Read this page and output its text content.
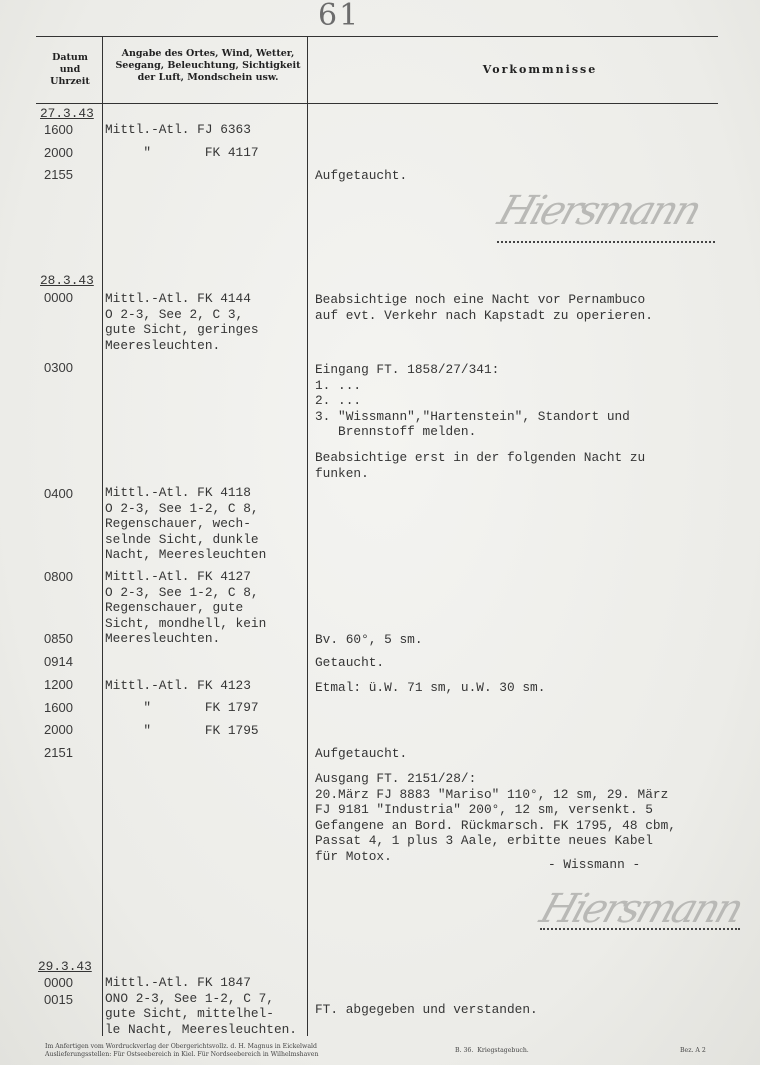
61
Datum
und
Uhrzeit
Angabe des Ortes, Wind, Wetter,
Seegang, Beleuchtung, Sichtigkeit
der Luft, Mondschein usw.
Vorkommnisse
27.3.43
1600
2000
2155
28.3.43
0000
0300
0400
0800
0850
0914
1200
1600
2000
2151
29.3.43
0000
0015
Mittl.-Atl. FJ 6363
"       FK 4117
Mittl.-Atl. FK 4144
O 2-3, See 2, C 3,
gute Sicht, geringes
Meeresleuchten.
Mittl.-Atl. FK 4118
O 2-3, See 1-2, C 8,
Regenschauer, wech-
selnde Sicht, dunkle
Nacht, Meeresleuchten
Mittl.-Atl. FK 4127
O 2-3, See 1-2, C 8,
Regenschauer, gute
Sicht, mondhell, kein
Meeresleuchten.
Mittl.-Atl. FK 4123
"       FK 1797
"       FK 1795
Mittl.-Atl. FK 1847
ONO 2-3, See 1-2, C 7,
gute Sicht, mittelhel-
le Nacht, Meeresleuchten.
Aufgetaucht.
Beabsichtige noch eine Nacht vor Pernambuco
auf evt. Verkehr nach Kapstadt zu operieren.
Eingang FT. 1858/27/341:
1. ...
2. ...
3. "Wissmann","Hartenstein", Standort und
Brennstoff melden.
Beabsichtige erst in der folgenden Nacht zu
funken.
Bv. 60°, 5 sm.
Getaucht.
Etmal: ü.W. 71 sm, u.W. 30 sm.
Aufgetaucht.
Ausgang FT. 2151/28/:
20.März FJ 8883 "Mariso" 110°, 12 sm, 29. März
FJ 9181 "Industria" 200°, 12 sm, versenkt. 5
Gefangene an Bord. Rückmarsch. FK 1795, 48 cbm,
Passat 4, 1 plus 3 Aale, erbitte neues Kabel
für Motox.
- Wissmann -
FT. abgegeben und verstanden.
Hiersmann
Hiersmann
Im Anfertigen vom Wordruckverlag der Obergerichtsvollz. d. H. Magnus in Eickelwald
Auslieferungsstellen: Für Ostseebereich in Kiel. Für Nordseebereich in Wilhelmshaven
B. 36.  Kriegstagebuch.	Bez. A 2
